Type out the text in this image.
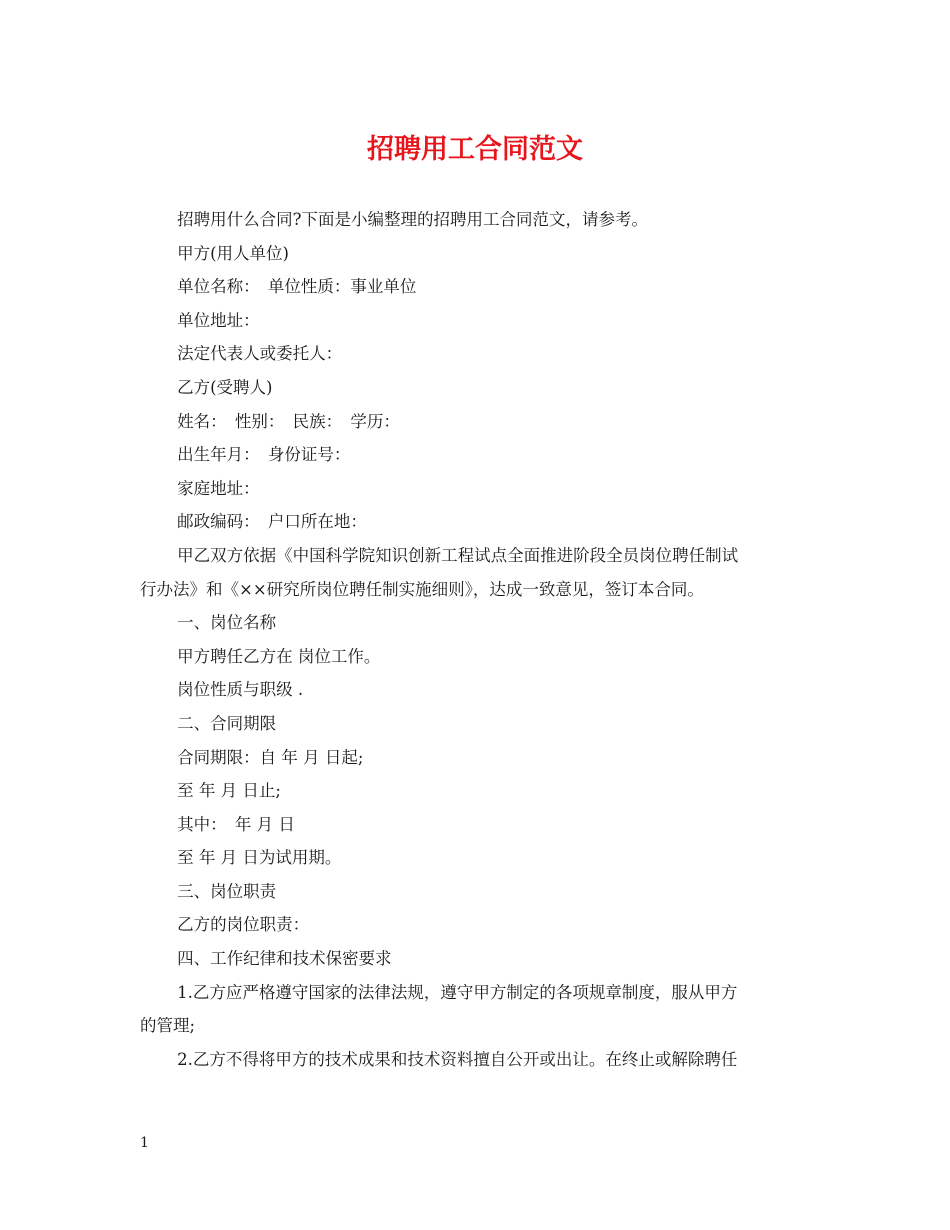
招聘用工合同范文

招聘用什么合同?下面是小编整理的招聘用工合同范文，请参考。

甲方(用人单位)

单位名称：　单位性质：事业单位

单位地址：

法定代表人或委托人：

乙方(受聘人)

姓名：　性别：　民族：　学历：

出生年月：　身份证号：

家庭地址：

邮政编码：　户口所在地：

甲乙双方依据《中国科学院知识创新工程试点全面推进阶段全员岗位聘任制试

行办法》和《××研究所岗位聘任制实施细则》，达成一致意见，签订本合同。

一、岗位名称

甲方聘任乙方在 岗位工作。

岗位性质与职级 .

二、合同期限

合同期限：自 年 月 日起;

至 年 月 日止;

其中：　年 月 日

至 年 月 日为试用期。

三、岗位职责

乙方的岗位职责：

四、工作纪律和技术保密要求

1.乙方应严格遵守国家的法律法规，遵守甲方制定的各项规章制度，服从甲方

的管理;

2.乙方不得将甲方的技术成果和技术资料擅自公开或出让。在终止或解除聘任

1
